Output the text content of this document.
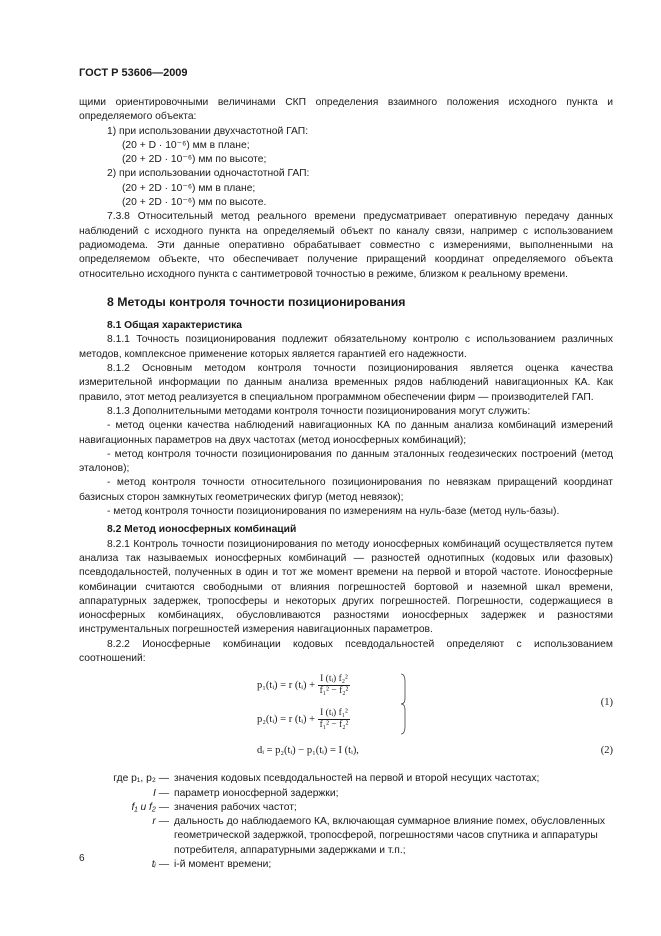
ГОСТ Р 53606—2009

щими ориентировочными величинами СКП определения взаимного положения исходного пункта и определяемого объекта:

1) при использовании двухчастотной ГАП:

(20 + D · 10⁻⁶) мм в плане;

(20 + 2D · 10⁻⁶) мм по высоте;

2) при использовании одночастотной ГАП:

(20 + 2D · 10⁻⁶) мм в плане;

(20 + 2D · 10⁻⁶) мм по высоте.

7.3.8 Относительный метод реального времени предусматривает оперативную передачу данных наблюдений с исходного пункта на определяемый объект по каналу связи, например с использованием радиомодема. Эти данные оперативно обрабатывает совместно с измерениями, выполненными на определяемом объекте, что обеспечивает получение приращений координат определяемого объекта относительно исходного пункта с сантиметровой точностью в режиме, близком к реальному времени.

8 Методы контроля точности позиционирования
8.1 Общая характеристика

8.1.1 Точность позиционирования подлежит обязательному контролю с использованием различных методов, комплексное применение которых является гарантией его надежности.

8.1.2 Основным методом контроля точности позиционирования является оценка качества измерительной информации по данным анализа временных рядов наблюдений навигационных КА. Как правило, этот метод реализуется в специальном программном обеспечении фирм — производителей ГАП.

8.1.3 Дополнительными методами контроля точности позиционирования могут служить:

- метод оценки качества наблюдений навигационных КА по данным анализа комбинаций измерений навигационных параметров на двух частотах (метод ионосферных комбинаций);

- метод контроля точности позиционирования по данным эталонных геодезических построений (метод эталонов);

- метод контроля точности относительного позиционирования по невязкам приращений координат базисных сторон замкнутых геометрических фигур (метод невязок);

- метод контроля точности позиционирования по измерениям на нуль-базе (метод нуль-базы).

8.2 Метод ионосферных комбинаций

8.2.1 Контроль точности позиционирования по методу ионосферных комбинаций осуществляется путем анализа так называемых ионосферных комбинаций — разностей однотипных (кодовых или фазовых) псевдодальностей, полученных в один и тот же момент времени на первой и второй частоте. Ионосферные комбинации считаются свободными от влияния погрешностей бортовой и наземной шкал времени, аппаратурных задержек, тропосферы и некоторых других погрешностей. Погрешности, содержащиеся в ионосферных комбинациях, обусловливаются разностями ионосферных задержек и разностями инструментальных погрешностей измерения навигационных параметров.

8.2.2 Ионосферные комбинации кодовых псевдодальностей определяют с использованием соотношений:

p₁(tᵢ) = r (tᵢ) + $\frac{\text{I (tᵢ) f₂²}}{\text{f₁² − f₂²}}$
p₂(tᵢ) = r (tᵢ) + $\frac{\text{I (tᵢ) f₁²}}{\text{f₁² − f₂²}}$
(1)
dᵢ = p₂(tᵢ) − p₁(tᵢ) = I (tᵢ),	(2)
где p₁, p₂ — значения кодовых псевдодальностей на первой и второй несущих частотах;
I — параметр ионосферной задержки;
f₁ и f₂ — значения рабочих частот;
r — дальность до наблюдаемого КА, включающая суммарное влияние помех, обусловленных геометрической задержкой, тропосферой, погрешностями часов спутника и аппаратуры потребителя, аппаратурными задержками и т.п.;
tᵢ — i-й момент времени;
6
